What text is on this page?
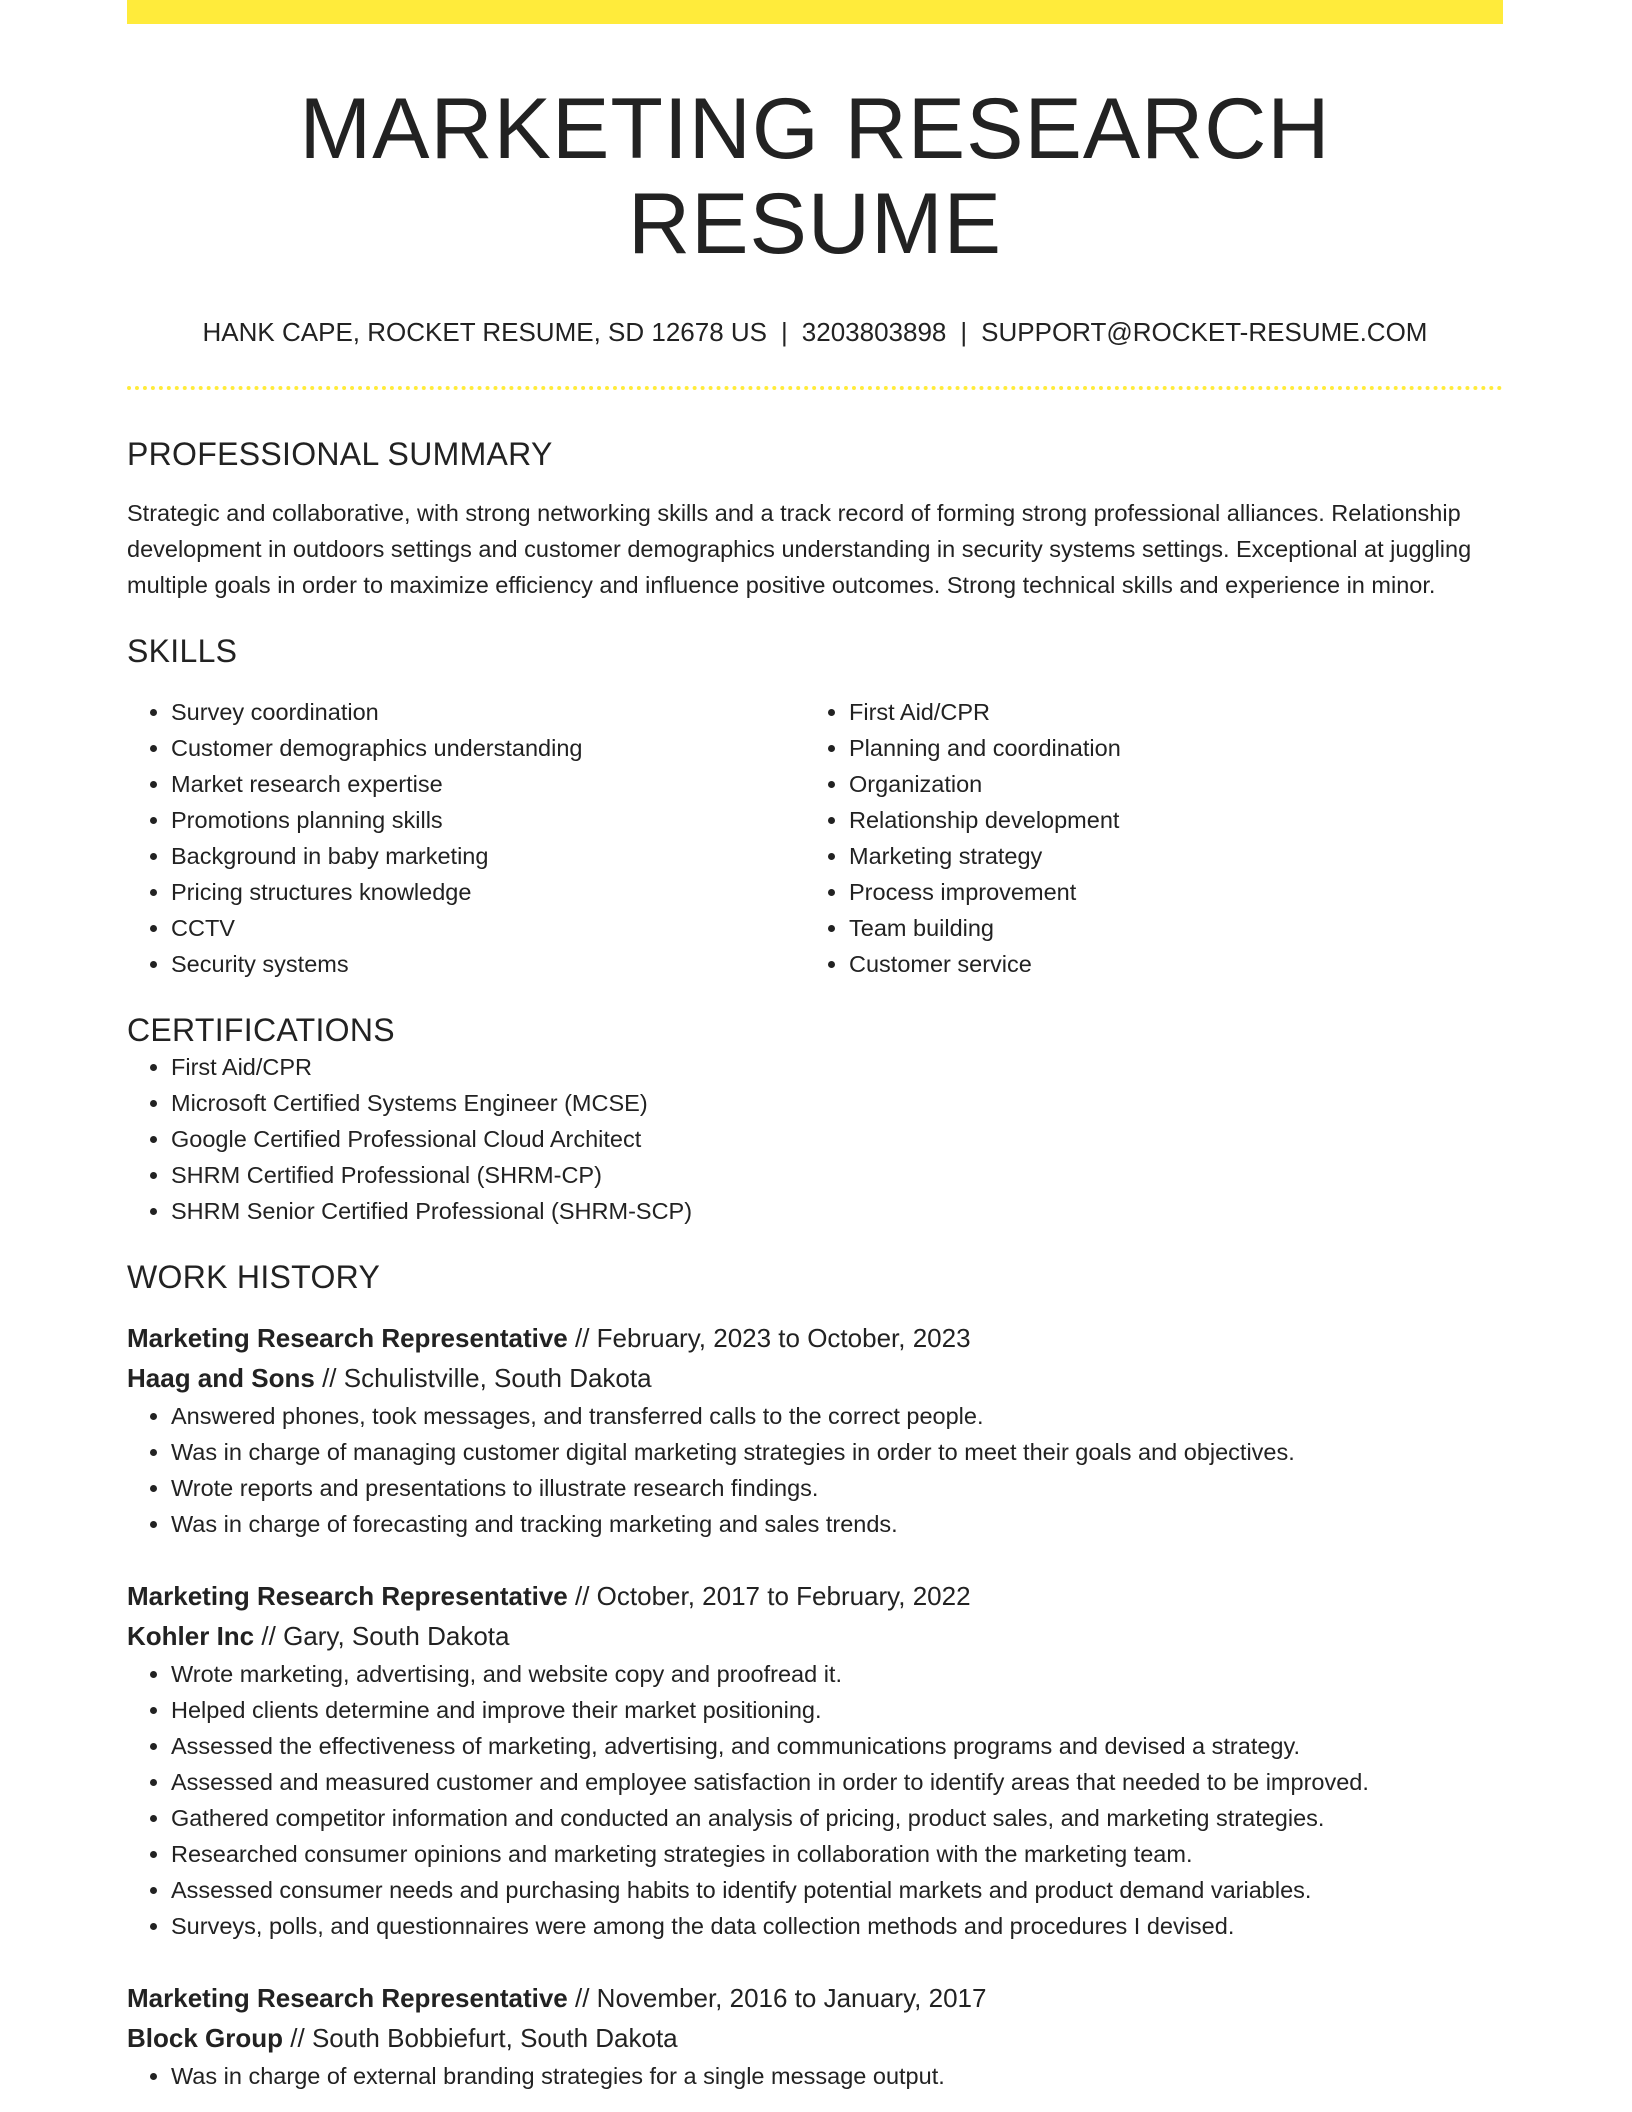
MARKETING RESEARCH RESUME
HANK CAPE, ROCKET RESUME, SD 12678 US | 3203803898 | SUPPORT@ROCKET-RESUME.COM
PROFESSIONAL SUMMARY

Strategic and collaborative, with strong networking skills and a track record of forming strong professional alliances. Relationship development in outdoors settings and customer demographics understanding in security systems settings. Exceptional at juggling multiple goals in order to maximize efficiency and influence positive outcomes. Strong technical skills and experience in minor.

SKILLS
• Survey coordination
• Customer demographics understanding
• Market research expertise
• Promotions planning skills
• Background in baby marketing
• Pricing structures knowledge
• CCTV
• Security systems
• First Aid/CPR
• Planning and coordination
• Organization
• Relationship development
• Marketing strategy
• Process improvement
• Team building
• Customer service
CERTIFICATIONS
• First Aid/CPR
• Microsoft Certified Systems Engineer (MCSE)
• Google Certified Professional Cloud Architect
• SHRM Certified Professional (SHRM-CP)
• SHRM Senior Certified Professional (SHRM-SCP)
WORK HISTORY
Marketing Research Representative // February, 2023 to October, 2023
Haag and Sons // Schulistville, South Dakota
• Answered phones, took messages, and transferred calls to the correct people.
• Was in charge of managing customer digital marketing strategies in order to meet their goals and objectives.
• Wrote reports and presentations to illustrate research findings.
• Was in charge of forecasting and tracking marketing and sales trends.
Marketing Research Representative // October, 2017 to February, 2022
Kohler Inc // Gary, South Dakota
• Wrote marketing, advertising, and website copy and proofread it.
• Helped clients determine and improve their market positioning.
• Assessed the effectiveness of marketing, advertising, and communications programs and devised a strategy.
• Assessed and measured customer and employee satisfaction in order to identify areas that needed to be improved.
• Gathered competitor information and conducted an analysis of pricing, product sales, and marketing strategies.
• Researched consumer opinions and marketing strategies in collaboration with the marketing team.
• Assessed consumer needs and purchasing habits to identify potential markets and product demand variables.
• Surveys, polls, and questionnaires were among the data collection methods and procedures I devised.
Marketing Research Representative // November, 2016 to January, 2017
Block Group // South Bobbiefurt, South Dakota
• Was in charge of external branding strategies for a single message output.
